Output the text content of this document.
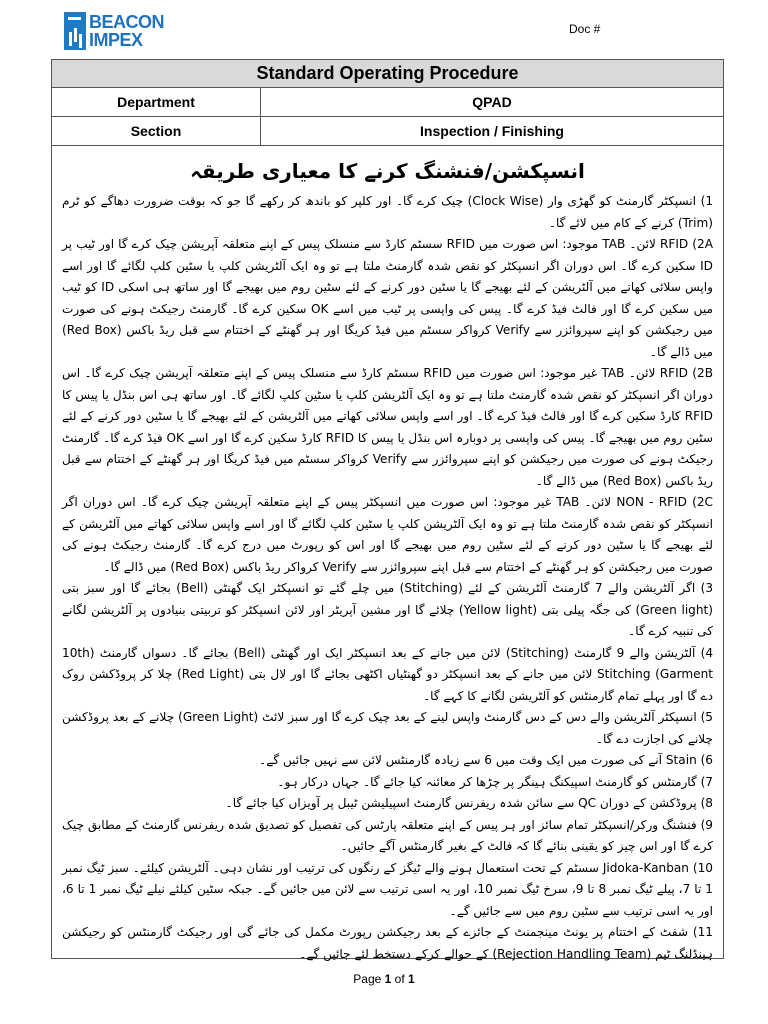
BEACON
IMPEX
Doc #
Standard Operating Procedure
Department	QPAD
Section	Inspection / Finishing
انسپکشن/فنشنگ کرنے کا معیاری طریقہ
1) انسپکٹر گارمنٹ کو گھڑی وار (Clock Wise) چیک کرے گا۔ اور کلپر کو باندھ کر رکھے گا جو کہ بوقت ضرورت دھاگے کو ٹرم (Trim) کرنے کے کام میں لائے گا۔
RFID (2A لائن۔ TAB موجود: اس صورت میں RFID سسٹم کارڈ سے منسلک پیس کے اپنے متعلقہ آپریشن چیک کرے گا اور ٹیب پر ID سکین کرے گا۔ اس دوران اگر انسپکٹر کو نقص شدہ گارمنٹ ملتا ہے تو وہ ایک آلٹریشن کلپ یا سٹین کلپ لگائے گا اور اسے واپس سلائی کھاتے میں آلٹریشن کے لئے بھیجے گا یا سٹین دور کرنے کے لئے سٹین روم میں بھیجے گا اور ساتھ ہی اسکی ID کو ٹیب میں سکین کرے گا اور فالٹ فیڈ کرے گا۔ پیس کی واپسی پر ٹیب میں اسے OK سکین کرے گا۔ گارمنٹ رجیکٹ ہونے کی صورت میں رجیکشن کو اپنے سپروائزر سے Verify کرواکر سسٹم میں فیڈ کریگا اور ہر گھنٹے کے اختتام سے قبل ریڈ باکس (Red Box) میں ڈالے گا۔
RFID (2B لائن۔ TAB غیر موجود: اس صورت میں RFID سسٹم کارڈ سے منسلک پیس کے اپنے متعلقہ آپریشن چیک کرے گا۔ اس دوران اگر انسپکٹر کو نقص شدہ گارمنٹ ملتا ہے تو وہ ایک آلٹریشن کلپ یا سٹین کلپ لگائے گا۔ اور ساتھ ہی اس بنڈل یا پیس کا RFID کارڈ سکین کرے گا اور فالٹ فیڈ کرے گا۔ اور اسے واپس سلائی کھاتے میں آلٹریشن کے لئے بھیجے گا یا سٹین دور کرنے کے لئے سٹین روم میں بھیجے گا۔ پیس کی واپسی پر دوبارہ اس بنڈل یا پیس کا RFID کارڈ سکین کرے گا اور اسے OK فیڈ کرے گا۔ گارمنٹ رجیکٹ ہونے کی صورت میں رجیکشن کو اپنے سپروائزر سے Verify کرواکر سسٹم میں فیڈ کریگا اور ہر گھنٹے کے اختتام سے قبل ریڈ باکس (Red Box) میں ڈالے گا۔
NON - RFID (2C لائن۔ TAB غیر موجود: اس صورت میں انسپکٹر پیس کے اپنے متعلقہ آپریشن چیک کرے گا۔ اس دوران اگر انسپکٹر کو نقص شدہ گارمنٹ ملتا ہے تو وہ ایک آلٹریشن کلپ یا سٹین کلپ لگائے گا اور اسے واپس سلائی کھاتے میں آلٹریشن کے لئے بھیجے گا یا سٹین دور کرنے کے لئے سٹین روم میں بھیجے گا اور اس کو رپورٹ میں درج کرے گا۔ گارمنٹ رجیکٹ ہونے کی صورت میں رجیکشن کو ہر گھنٹے کے اختتام سے قبل اپنے سپروائزر سے Verify کرواکر ریڈ باکس (Red Box) میں ڈالے گا۔
3) اگر آلٹریشن والے 7 گارمنٹ آلٹریشن کے لئے (Stitching) میں چلے گئے تو انسپکٹر ایک گھنٹی (Bell) بجائے گا اور سبز بتی (Green light) کی جگہ پیلی بتی (Yellow light) چلائے گا اور مشین آپریٹر اور لائن انسپکٹر کو تربیتی بنیادوں پر آلٹریشن لگانے کی تنبیہ کرے گا۔
4) آلٹریشن والے 9 گارمنٹ (Stitching) لائن میں جانے کے بعد انسپکٹر ایک اور گھنٹی (Bell) بجائے گا۔ دسواں گارمنٹ (10th Garment) Stitching لائن میں جانے کے بعد انسپکٹر دو گھنٹیاں اکٹھی بجائے گا اور لال بتی (Red Light) چلا کر پروڈکشن روک دے گا اور پہلے تمام گارمنٹس کو آلٹریشن لگانے کا کہے گا۔
5) انسپکٹر آلٹریشن والے دس کے دس گارمنٹ واپس لینے کے بعد چیک کرے گا اور سبز لائٹ (Green Light) چلانے کے بعد پروڈکشن چلانے کی اجازت دے گا۔
6) Stain آنے کی صورت میں ایک وقت میں 6 سے زیادہ گارمنٹس لائن سے نہیں جائیں گے۔
7) گارمنٹس کو گارمنٹ اسپیکنگ ہینگر پر چڑھا کر معائنہ کیا جائے گا۔ جہاں درکار ہو۔
8) پروڈکشن کے دوران QC سے سائن شدہ ریفرنس گارمنٹ اسپیلیشن ٹیبل پر آویزاں کیا جائے گا۔
9) فنشنگ ورکر/انسپکٹر تمام سائز اور ہر پیس کے اپنے متعلقہ پارٹس کی تفصیل کو تصدیق شدہ ریفرنس گارمنٹ کے مطابق چیک کرے گا اور اس چیز کو یقینی بنائے گا کہ فالٹ کے بغیر گارمنٹس آگے جائیں۔
Jidoka-Kanban (10 سسٹم کے تحت استعمال ہونے والے ٹیگز کے رنگوں کی ترتیب اور نشان دہی۔ آلٹریشن کیلئے۔ سبز ٹیگ نمبر 1 تا 7، پیلے ٹیگ نمبر 8 تا 9، سرخ ٹیگ نمبر 10، اور یہ اسی ترتیب سے لائن میں جائیں گے۔ جبکہ سٹین کیلئے نیلے ٹیگ نمبر 1 تا 6، اور یہ اسی ترتیب سے سٹین روم میں سے جائیں گے۔
11) شفٹ کے اختتام پر یونٹ مینجمنٹ کے جائزے کے بعد رجیکشن رپورٹ مکمل کی جائے گی اور رجیکٹ گارمنٹس کو رجیکشن ہینڈلنگ ٹیم (Rejection Handling Team) کے حوالے کرکے دستخط لئے جائیں گے۔
Page 1 of 1
